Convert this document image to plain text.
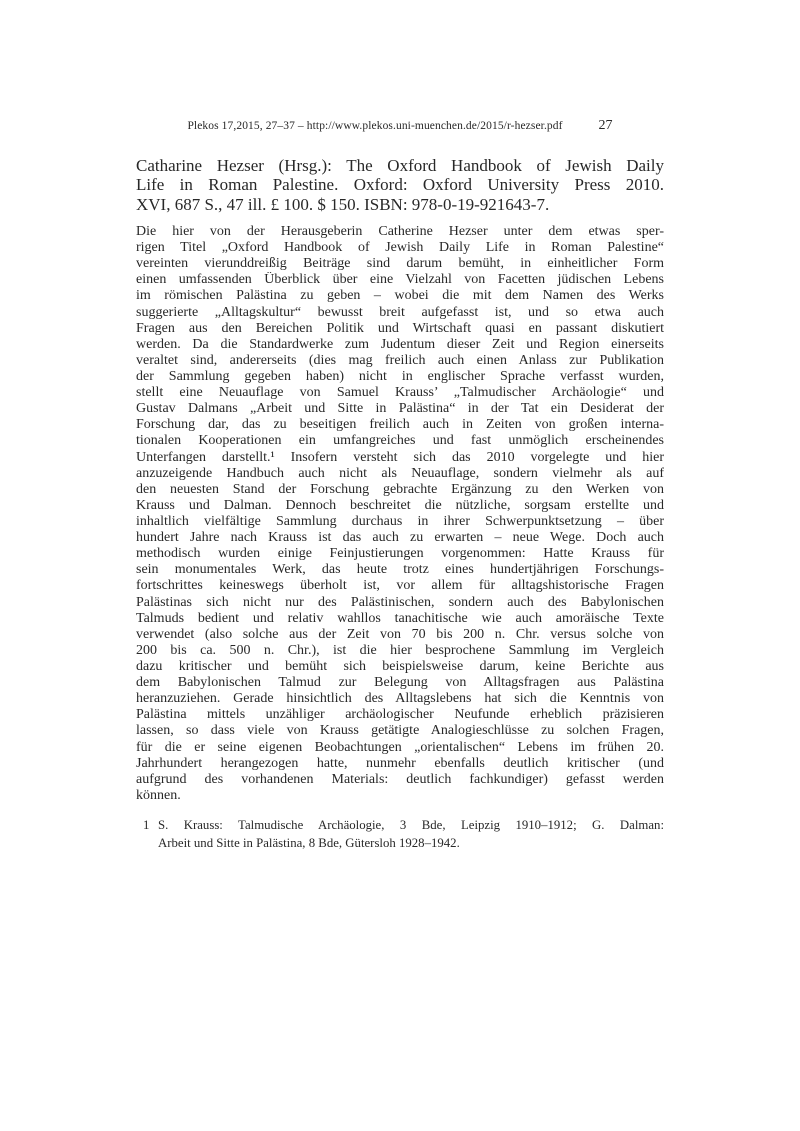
Plekos 17,2015, 27–37 – http://www.plekos.uni-muenchen.de/2015/r-hezser.pdf	27
Catharine Hezser (Hrsg.): The Oxford Handbook of Jewish Daily
Life in Roman Palestine. Oxford: Oxford University Press 2010.
XVI, 687 S., 47 ill. £ 100. $ 150. ISBN: 978-0-19-921643-7.
Die hier von der Herausgeberin Catherine Hezser unter dem etwas sper-
rigen Titel „Oxford Handbook of Jewish Daily Life in Roman Palestine“
vereinten vierunddreißig Beiträge sind darum bemüht, in einheitlicher Form
einen umfassenden Überblick über eine Vielzahl von Facetten jüdischen Lebens
im römischen Palästina zu geben – wobei die mit dem Namen des Werks
suggerierte „Alltagskultur“ bewusst breit aufgefasst ist, und so etwa auch
Fragen aus den Bereichen Politik und Wirtschaft quasi en passant diskutiert
werden. Da die Standardwerke zum Judentum dieser Zeit und Region einerseits
veraltet sind, andererseits (dies mag freilich auch einen Anlass zur Publikation
der Sammlung gegeben haben) nicht in englischer Sprache verfasst wurden,
stellt eine Neuauflage von Samuel Krauss’ „Talmudischer Archäologie“ und
Gustav Dalmans „Arbeit und Sitte in Palästina“ in der Tat ein Desiderat der
Forschung dar, das zu beseitigen freilich auch in Zeiten von großen interna-
tionalen Kooperationen ein umfangreiches und fast unmöglich erscheinendes
Unterfangen darstellt.¹ Insofern versteht sich das 2010 vorgelegte und hier
anzuzeigende Handbuch auch nicht als Neuauflage, sondern vielmehr als auf
den neuesten Stand der Forschung gebrachte Ergänzung zu den Werken von
Krauss und Dalman. Dennoch beschreitet die nützliche, sorgsam erstellte und
inhaltlich vielfältige Sammlung durchaus in ihrer Schwerpunktsetzung – über
hundert Jahre nach Krauss ist das auch zu erwarten – neue Wege. Doch auch
methodisch wurden einige Feinjustierungen vorgenommen: Hatte Krauss für
sein monumentales Werk, das heute trotz eines hundertjährigen Forschungs-
fortschrittes keineswegs überholt ist, vor allem für alltagshistorische Fragen
Palästinas sich nicht nur des Palästinischen, sondern auch des Babylonischen
Talmuds bedient und relativ wahllos tanachitische wie auch amoräische Texte
verwendet (also solche aus der Zeit von 70 bis 200 n. Chr. versus solche von
200 bis ca. 500 n. Chr.), ist die hier besprochene Sammlung im Vergleich
dazu kritischer und bemüht sich beispielsweise darum, keine Berichte aus
dem Babylonischen Talmud zur Belegung von Alltagsfragen aus Palästina
heranzuziehen. Gerade hinsichtlich des Alltagslebens hat sich die Kenntnis von
Palästina mittels unzähliger archäologischer Neufunde erheblich präzisieren
lassen, so dass viele von Krauss getätigte Analogieschlüsse zu solchen Fragen,
für die er seine eigenen Beobachtungen „orientalischen“ Lebens im frühen 20.
Jahrhundert herangezogen hatte, nunmehr ebenfalls deutlich kritischer (und
aufgrund des vorhandenen Materials: deutlich fachkundiger) gefasst werden
können.
1 S. Krauss: Talmudische Archäologie, 3 Bde, Leipzig 1910–1912; G. Dalman:
Arbeit und Sitte in Palästina, 8 Bde, Gütersloh 1928–1942.
